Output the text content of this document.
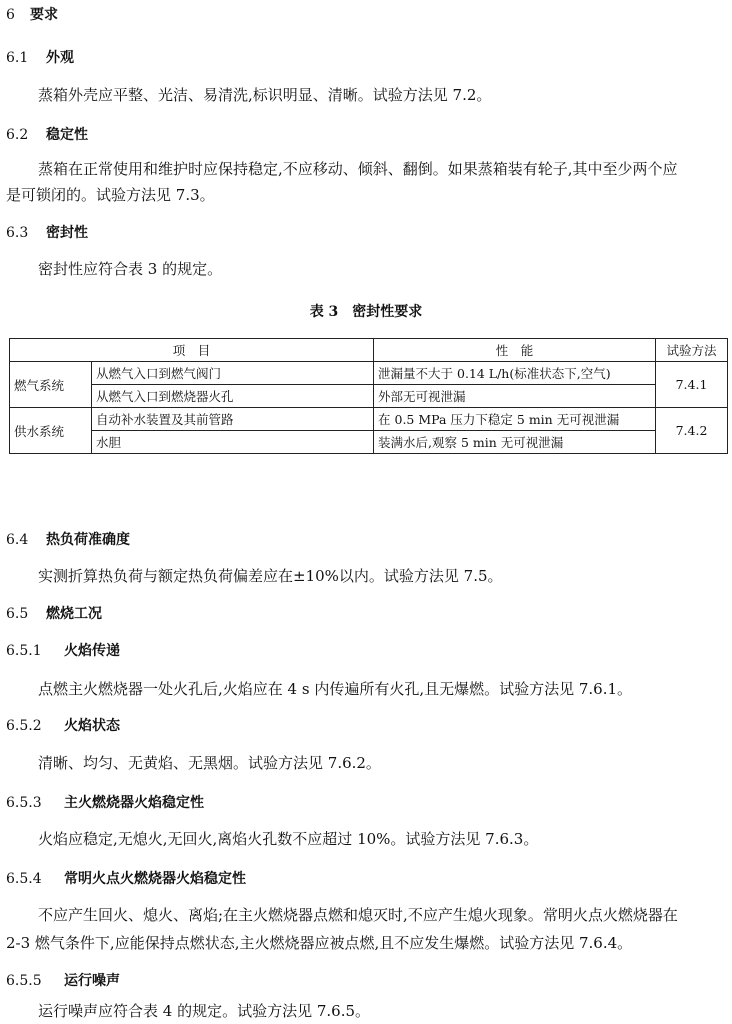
6 要求
6.1 外观
蒸箱外壳应平整、光洁、易清洗,标识明显、清晰。试验方法见 7.2。
6.2 稳定性
蒸箱在正常使用和维护时应保持稳定,不应移动、倾斜、翻倒。如果蒸箱装有轮子,其中至少两个应
是可锁闭的。试验方法见 7.3。
6.3 密封性
密封性应符合表 3 的规定。
表 3　密封性要求
项　目		性　能	试验方法
燃气系统	从燃气入口到燃气阀门	泄漏量不大于 0.14 L/h(标准状态下,空气)	7.4.1
	从燃气入口到燃烧器火孔	外部无可视泄漏	
供水系统	自动补水装置及其前管路	在 0.5 MPa 压力下稳定 5 min 无可视泄漏	7.4.2
	水胆	装满水后,观察 5 min 无可视泄漏	
6.4 热负荷准确度
实测折算热负荷与额定热负荷偏差应在±10%以内。试验方法见 7.5。
6.5 燃烧工况
6.5.1 火焰传递
点燃主火燃烧器一处火孔后,火焰应在 4 s 内传遍所有火孔,且无爆燃。试验方法见 7.6.1。
6.5.2 火焰状态
清晰、均匀、无黄焰、无黑烟。试验方法见 7.6.2。
6.5.3 主火燃烧器火焰稳定性
火焰应稳定,无熄火,无回火,离焰火孔数不应超过 10%。试验方法见 7.6.3。
6.5.4 常明火点火燃烧器火焰稳定性
不应产生回火、熄火、离焰;在主火燃烧器点燃和熄灭时,不应产生熄火现象。常明火点火燃烧器在
2-3 燃气条件下,应能保持点燃状态,主火燃烧器应被点燃,且不应发生爆燃。试验方法见 7.6.4。
6.5.5 运行噪声
运行噪声应符合表 4 的规定。试验方法见 7.6.5。
